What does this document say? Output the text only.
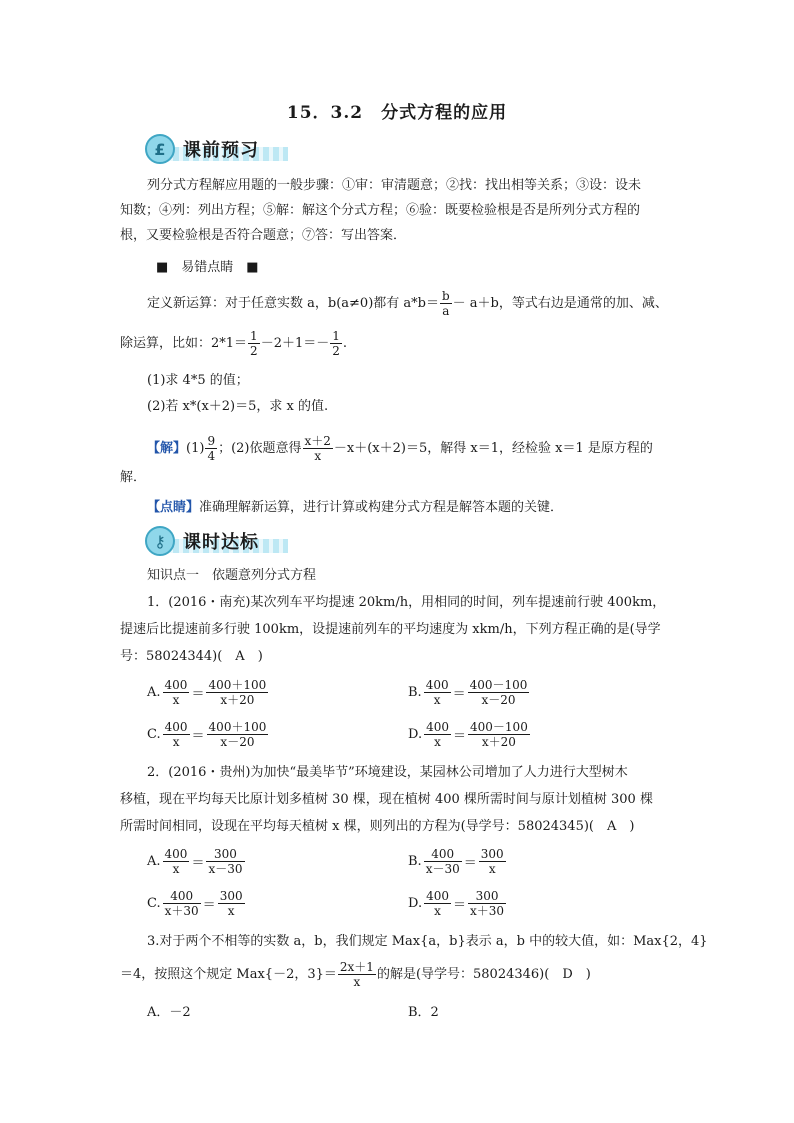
15．3.2　分式方程的应用
£ 课前预习
列分式方程解应用题的一般步骤：①审：审清题意；②找：找出相等关系；③设：设未
知数；④列：列出方程；⑤解：解这个分式方程；⑥验：既要检验根是否是所列分式方程的
根，又要检验根是否符合题意；⑦答：写出答案．
■　易错点睛　■
定义新运算：对于任意实数 a，b(a≠0)都有 $a*b= \frac{b}{a} - a+b$，等式右边是通常的加、减、
除运算，比如：$2*1= \frac{1}{2} -2+1=- \frac{1}{2}$ .
(1)求 4*5 的值；
(2)若 x*(x＋2)＝5，求 x 的值.
【解】$(1) \frac{9}{4}$ ；(2)依题意得 $\frac{x+2}{x} -x+(x+2)=5$，解得 x＝1，经检验 x＝1 是原方程的
解．
【点睛】准确理解新运算，进行计算或构建分式方程是解答本题的关键．
⚷ 课时达标
知识点一　依题意列分式方程
1．(2016・南充)某次列车平均提速 20km/h，用相同的时间，列车提速前行驶 400km，
提速后比提速前多行驶 100km，设提速前列车的平均速度为 xkm/h，下列方程正确的是(导学
号：58024344)(　A　)
A. $\frac{400}{x} = \frac{400+100}{x+20}$	B. $\frac{400}{x} = \frac{400-100}{x-20}$
C. $\frac{400}{x} = \frac{400+100}{x-20}$	D. $\frac{400}{x} = \frac{400-100}{x+20}$
2．(2016・贵州)为加快“最美毕节”环境建设，某园林公司增加了人力进行大型树木
移植，现在平均每天比原计划多植树 30 棵，现在植树 400 棵所需时间与原计划植树 300 棵
所需时间相同，设现在平均每天植树 x 棵，则列出的方程为(导学号：58024345)(　A　)
A. $\frac{400}{x} = \frac{300}{x-30}$	B. $\frac{400}{x-30} = \frac{300}{x}$
C. $\frac{400}{x+30} = \frac{300}{x}$	D. $\frac{400}{x} = \frac{300}{x+30}$
3.对于两个不相等的实数 a，b，我们规定 Max{a，b}表示 a，b 中的较大值，如：Max{2，4}
＝4，按照这个规定 Max{－2，$3\}= \frac{2x+1}{x}$ 的解是(导学号：58024346)(　D　)
A．－2	B．2
